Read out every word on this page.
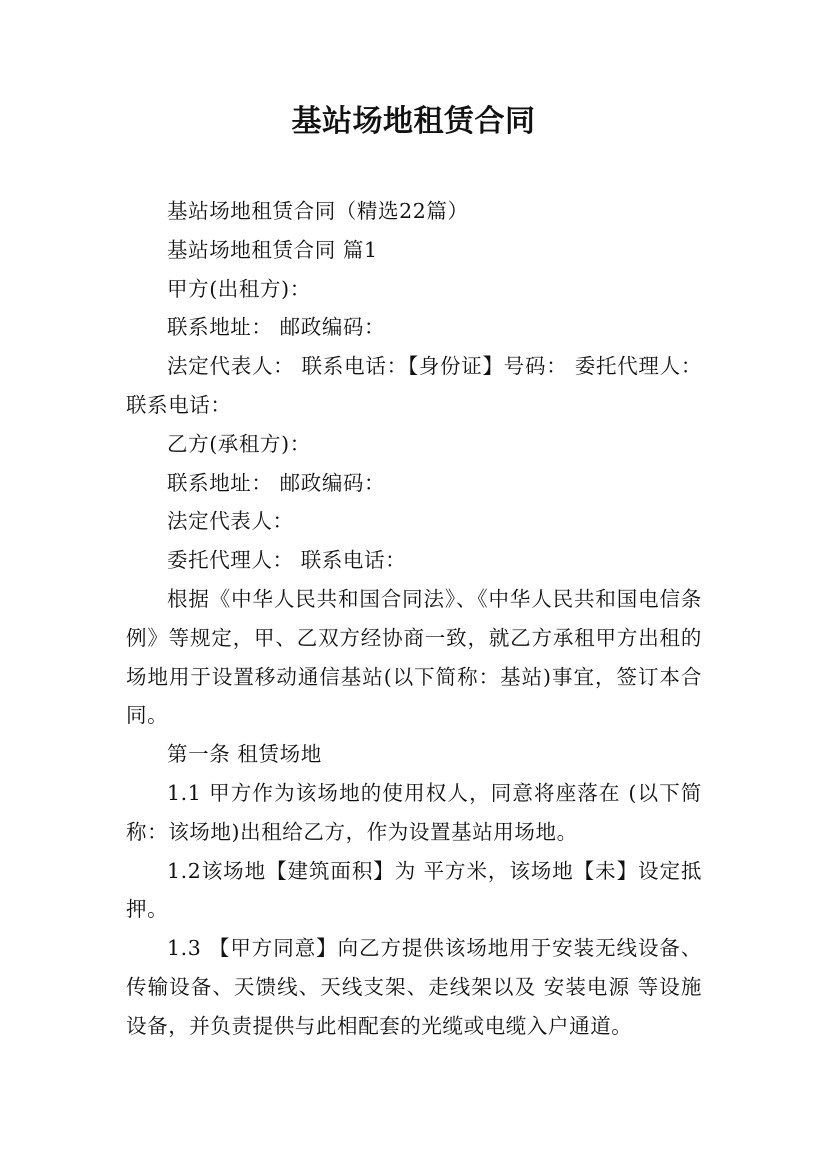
基站场地租赁合同

基站场地租赁合同（精选22篇）

基站场地租赁合同 篇1

甲方(出租方)：

联系地址： 邮政编码：

法定代表人： 联系电话：【身份证】号码： 委托代理人： 联系电话：

乙方(承租方)：

联系地址： 邮政编码：

法定代表人：

委托代理人： 联系电话：

根据《中华人民共和国合同法》、《中华人民共和国电信条例》等规定，甲、乙双方经协商一致，就乙方承租甲方出租的场地用于设置移动通信基站(以下简称：基站)事宜，签订本合同。

第一条 租赁场地

1.1 甲方作为该场地的使用权人，同意将座落在 (以下简称：该场地)出租给乙方，作为设置基站用场地。

1.2该场地【建筑面积】为 平方米，该场地【未】设定抵押。

1.3 【甲方同意】向乙方提供该场地用于安装无线设备、传输设备、天馈线、天线支架、走线架以及 安装电源 等设施设备，并负责提供与此相配套的光缆或电缆入户通道。
